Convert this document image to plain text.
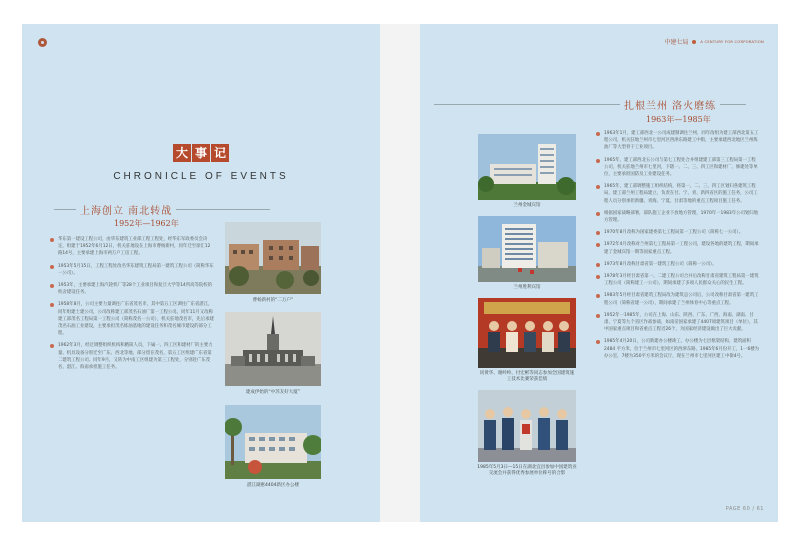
大 事 记
CHRONICLE OF EVENTS
上海创立 南北转战
1952年—1962年
华东第一建设工程公司，由华东建筑工业部工程工程处，经华东军政委员会决定，组建于1952年6月12日，机关驻地设在上海市曹杨新村，同年迁至徐汇12路14号，主要承建上海市两万户工房工程。
1953年5月15日，工程工程处改名华东建筑工程局第一建筑工程公司（简称华东一公司）。
1953年，主要承建上海汽轮机厂等28个工业项目和复旦大学等14所高等院校的校舍建设任务。
1958年8月，公司主要力量调往广东省茂名市，其中第五工区调往广东省湛江，同年组建土建公司，公司改称建工部茂名石油厂第一工程公司。同年11月又改称建工部茂名工程局第一工程公司（简称茂名一公司），机关驻地茂名市，先后承建茂名石油工业建设，主要承担茂名炼油基地的建设任务和茂名城市建设的部分工程。
1962年3月，经过调整组织机构和精简人员，下属一、四工区和建材厂的主要力量、机具设备分别迁至广东、西北等地，部分留在茂名，第五工区组建广东省第二建筑工程公司。同年9月，又转为中南工区组建为第三工程处，分别赴广东茂名、湛江、海南承担施工任务。
曹杨新村的“二万户”
建成伊始的“中苏友好大厦”
湛江湖惠4404新区办公楼
中建七局	A CENTURY FOR CORPORATION
扎根兰州 洛火磨练
1963年—1985年
1963年1月，建工部西北一公司成建制调往兰州，同年改组为建工部西北第五工程公司，机关驻地兰州市七里河区西津东路建工中街，主要承建西北地区兰州炼油厂等大型骨干工业项目。
1965年，建工部西北五公司与第七工程处合并组建建工部第三工程局第一工程公司，机关驻地兰州市七里河，下辖一、二、三、四工区和建材厂、修建处等单位，主要承担国防及工业建设任务。
1965年，建工部调整施工组织结构，将第一、二、三、四工区划归各建筑工程局，建工部兰州工程局建立，负责在甘、宁、青、新四省区的施工任务，公司工程人员分别承担新疆、青海、宁夏、甘肃等地的重点工程项目施工任务。
根据国家战略部署，部队施工企业下放地方管理，1970年一1983年公司划归地方管理。
1970年8月改称为国家建委第七工程局第一工程公司（简称七一公司）。
1972年4月改称对兰州第七工程局第一工程公司，建设各地的建筑工程，期间承建了金城宾馆一期等国家重点工程。
1973年8月改称甘肃省第一建筑工程公司（简称一公司）。
1978年3月经甘肃省第一、二建工程公司合并后改称甘肃省建筑工程局第一建筑工程公司（简称建工一公司），期间承建了多项人民群众关心的民生工程。
1983年5月经甘肃省建筑工程局改为建筑总公司后，公司改称甘肃省第一建筑工程公司（简称省建一公司），期间承建了兰州体育中心等重点工程。
1952年一1985年，公司在上海、山东、陕西、广东、广西、海南、湖南、甘肃、宁夏等九个省区作战参战，如南帝国家承建了4407项建筑项目（单位），其中国家重点项目和省重点工程近26个，为国家经济建设做出了巨大贡献。
1985年4月20日，公司新建办公楼竣工，办公楼为七层框架结构，建筑面积 2484 平方米，位于兰州市七里河区的西津东路，1985年6月份开工，1一6楼为办公室，7楼为350平方米的会议厅，现在兰州市七里河区建工中街4号。
兰州金城宾馆
兰州胜利宾馆
同黄华、谢岭岭、付宏彬等同志参加全国建筑施工技术比赛荣获佳绩
1985年5月3日—15日在湖北宜昌参加中国建筑业交流会并获得优秀参展单位称号的合影
PAGE 60 / 61
